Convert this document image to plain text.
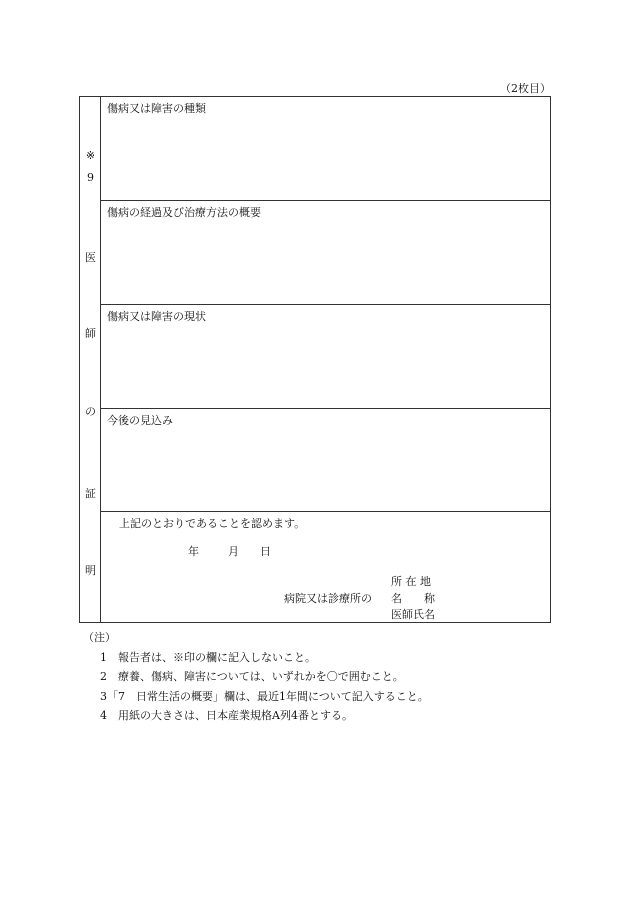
（2枚目）
※
9
医
師
の
証
明
傷病又は障害の種類
傷病の経過及び治療方法の概要
傷病又は障害の現状
今後の見込み
上記のとおりであることを認めます。
年	月 日
所 在 地
病院又は診療所の 名　　称
医師氏名
（注）
1　報告者は、※印の欄に記入しないこと。
2　療養、傷病、障害については、いずれかを〇で囲むこと。
3「7　日常生活の概要」欄は、最近1年間について記入すること。
4　用紙の大きさは、日本産業規格A列4番とする。
